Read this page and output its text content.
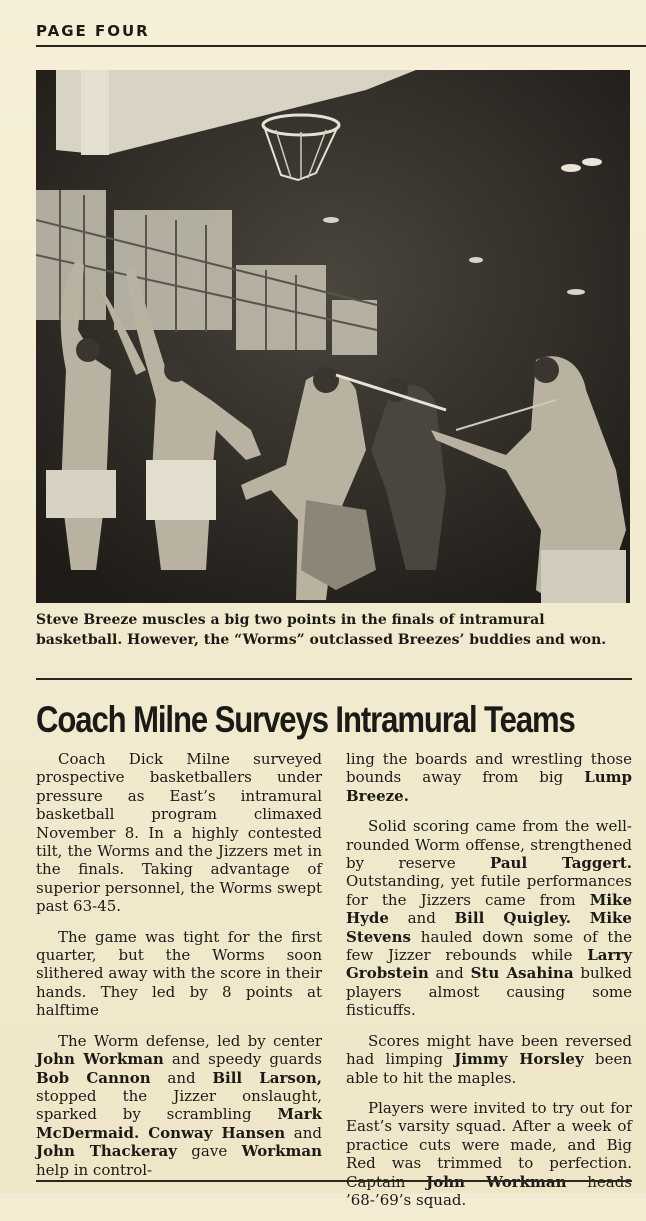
PAGE FOUR
Steve Breeze muscles a big two points in the finals of intramural basketball. However, the “Worms” outclassed Breezes’ buddies and won.
Coach Milne Surveys Intramural Teams

Coach Dick Milne surveyed prospective basketballers under pressure as East’s intramural basketball program climaxed November 8. In a highly contested tilt, the Worms and the Jizzers met in the finals. Taking advantage of superior personnel, the Worms swept past 63-45.

The game was tight for the first quarter, but the Worms soon slithered away with the score in their hands. They led by 8 points at halftime

The Worm defense, led by center John Workman and speedy guards Bob Cannon and Bill Larson, stopped the Jizzer onslaught, sparked by scrambling Mark McDermaid. Conway Hansen and John Thackeray gave Workman help in control-

ling the boards and wrestling those bounds away from big Lump Breeze.

Solid scoring came from the well-rounded Worm offense, strengthened by reserve Paul Taggert. Outstanding, yet futile performances for the Jizzers came from Mike Hyde and Bill Quigley. Mike Stevens hauled down some of the few Jizzer rebounds while Larry Grobstein and Stu Asahina bulked players almost causing some fisticuffs.

Scores might have been reversed had limping Jimmy Horsley been able to hit the maples.

Players were invited to try out for East’s varsity squad. After a week of practice cuts were made, and Big Red was trimmed to perfection. ’68-’69’s squad.
